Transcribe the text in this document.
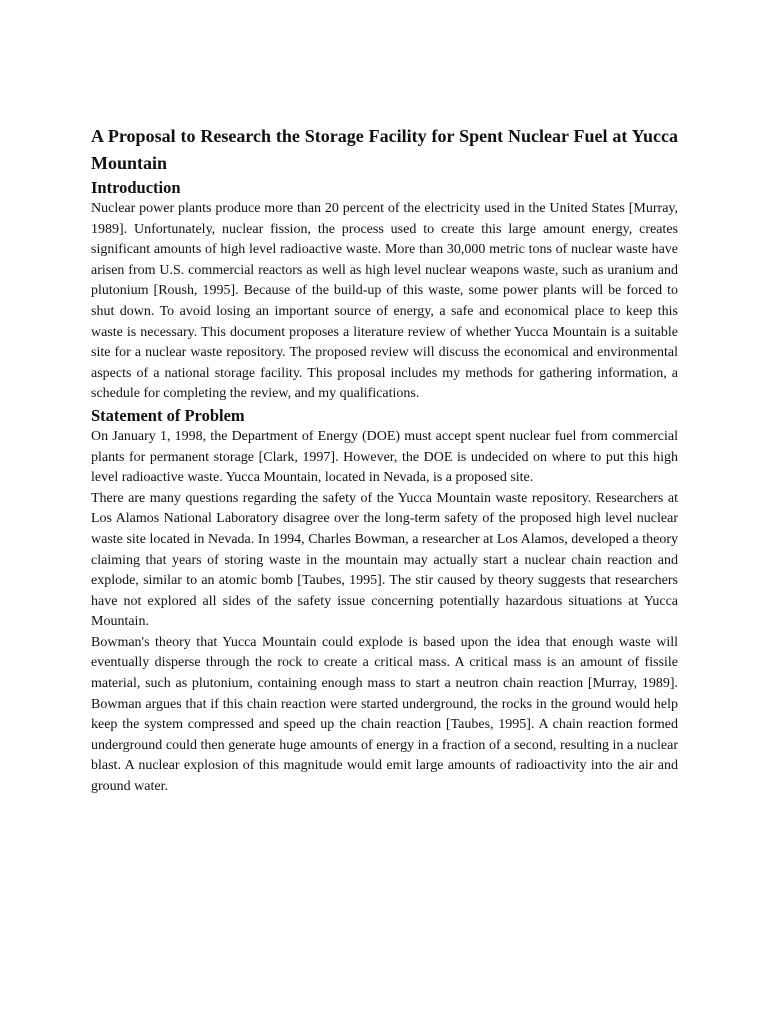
A Proposal to Research the Storage Facility for Spent Nuclear Fuel at Yucca Mountain
Introduction

Nuclear power plants produce more than 20 percent of the electricity used in the United States [Murray, 1989]. Unfortunately, nuclear fission, the process used to create this large amount energy, creates significant amounts of high level radioactive waste. More than 30,000 metric tons of nuclear waste have arisen from U.S. commercial reactors as well as high level nuclear weapons waste, such as uranium and plutonium [Roush, 1995]. Because of the build-up of this waste, some power plants will be forced to shut down. To avoid losing an important source of energy, a safe and economical place to keep this waste is necessary. This document proposes a literature review of whether Yucca Mountain is a suitable site for a nuclear waste repository. The proposed review will discuss the economical and environmental aspects of a national storage facility. This proposal includes my methods for gathering information, a schedule for completing the review, and my qualifications.

Statement of Problem

On January 1, 1998, the Department of Energy (DOE) must accept spent nuclear fuel from commercial plants for permanent storage [Clark, 1997]. However, the DOE is undecided on where to put this high level radioactive waste. Yucca Mountain, located in Nevada, is a proposed site.

There are many questions regarding the safety of the Yucca Mountain waste repository. Researchers at Los Alamos National Laboratory disagree over the long-term safety of the proposed high level nuclear waste site located in Nevada. In 1994, Charles Bowman, a researcher at Los Alamos, developed a theory claiming that years of storing waste in the mountain may actually start a nuclear chain reaction and explode, similar to an atomic bomb [Taubes, 1995]. The stir caused by theory suggests that researchers have not explored all sides of the safety issue concerning potentially hazardous situations at Yucca Mountain.

Bowman's theory that Yucca Mountain could explode is based upon the idea that enough waste will eventually disperse through the rock to create a critical mass. A critical mass is an amount of fissile material, such as plutonium, containing enough mass to start a neutron chain reaction [Murray, 1989]. Bowman argues that if this chain reaction were started underground, the rocks in the ground would help keep the system compressed and speed up the chain reaction [Taubes, 1995]. A chain reaction formed underground could then generate huge amounts of energy in a fraction of a second, resulting in a nuclear blast. A nuclear explosion of this magnitude would emit large amounts of radioactivity into the air and ground water.
